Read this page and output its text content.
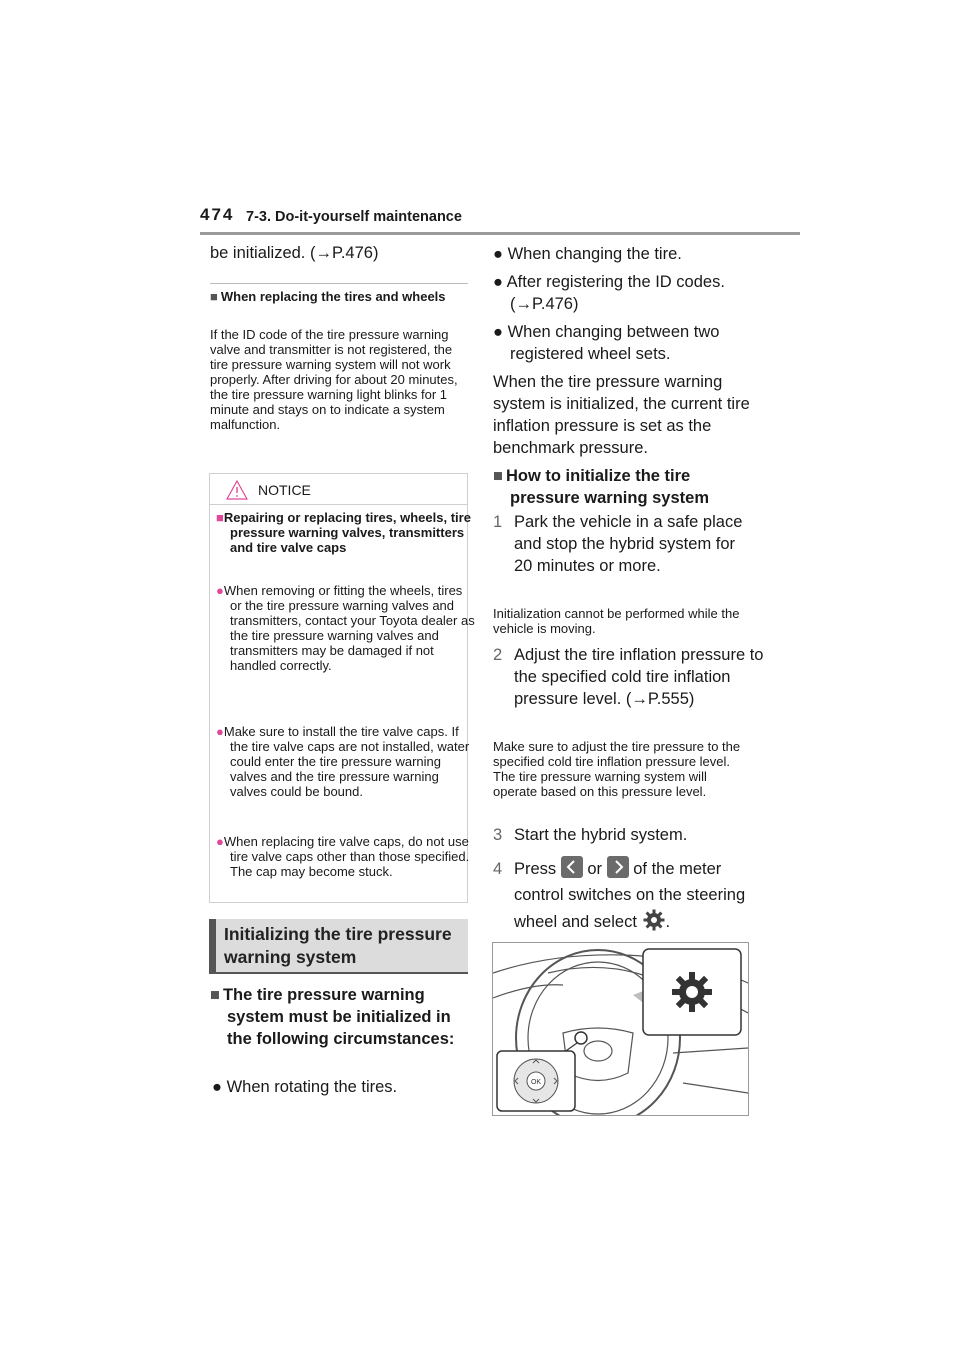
474 7-3. Do-it-yourself maintenance
be initialized. (→P.476)
■ When replacing the tires and wheels
If the ID code of the tire pressure warning valve and transmitter is not registered, the tire pressure warning system will not work properly. After driving for about 20 minutes, the tire pressure warning light blinks for 1 minute and stays on to indicate a system malfunction.
NOTICE
■Repairing or replacing tires, wheels, tire pressure warning valves, transmitters and tire valve caps
●When removing or fitting the wheels, tires or the tire pressure warning valves and transmitters, contact your Toyota dealer as the tire pressure warning valves and transmitters may be damaged if not handled correctly.
●Make sure to install the tire valve caps. If the tire valve caps are not installed, water could enter the tire pressure warning valves and the tire pressure warning valves could be bound.
●When replacing tire valve caps, do not use tire valve caps other than those specified.
The cap may become stuck.
Initializing the tire pressure warning system
■ The tire pressure warning system must be initialized in the following circumstances:
● When rotating the tires.
● When changing the tire.
● After registering the ID codes. (→P.476)
● When changing between two registered wheel sets.
When the tire pressure warning system is initialized, the current tire inflation pressure is set as the benchmark pressure.
■ How to initialize the tire pressure warning system
1 Park the vehicle in a safe place and stop the hybrid system for 20 minutes or more.
Initialization cannot be performed while the vehicle is moving.
2 Adjust the tire inflation pressure to the specified cold tire inflation pressure level. (→P.555)
Make sure to adjust the tire pressure to the specified cold tire inflation pressure level. The tire pressure warning system will operate based on this pressure level.
3 Start the hybrid system.
4 Press or of the meter control switches on the steering wheel and select .
OK
